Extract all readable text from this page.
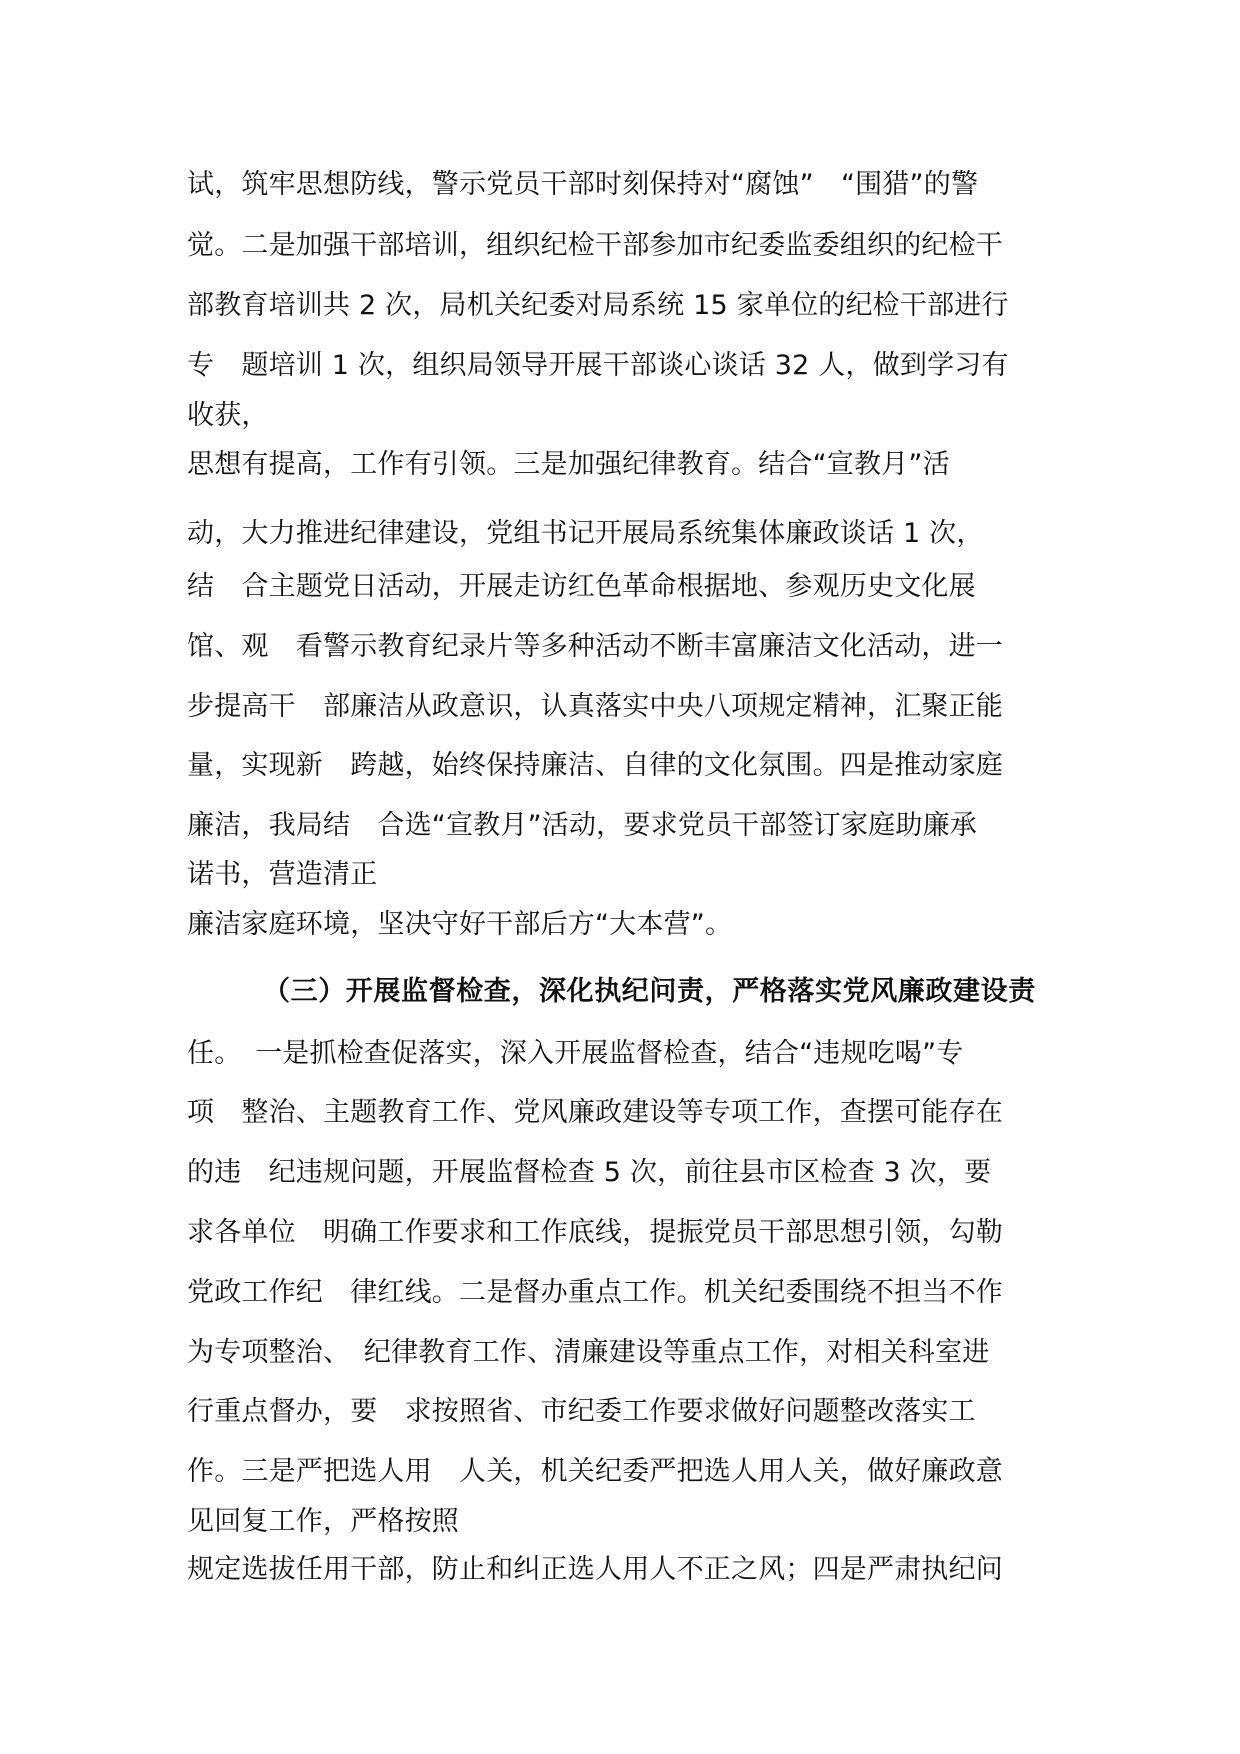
试，筑牢思想防线，警示党员干部时刻保持对“腐蚀”　“围猎”的警
觉。二是加强干部培训，组织纪检干部参加市纪委监委组织的纪检干
部教育培训共 2 次，局机关纪委对局系统 15 家单位的纪检干部进行
专　题培训 1 次，组织局领导开展干部谈心谈话 32 人，做到学习有
收获，
思想有提高，工作有引领。三是加强纪律教育。结合“宣教月”活
动，大力推进纪律建设，党组书记开展局系统集体廉政谈话 1 次，
结　合主题党日活动，开展走访红色革命根据地、参观历史文化展
馆、观　看警示教育纪录片等多种活动不断丰富廉洁文化活动，进一
步提高干　部廉洁从政意识，认真落实中央八项规定精神，汇聚正能
量，实现新　跨越，始终保持廉洁、自律的文化氛围。四是推动家庭
廉洁，我局结　合选“宣教月”活动，要求党员干部签订家庭助廉承
诺书，营造清正
廉洁家庭环境，坚决守好干部后方“大本营”。
（三）开展监督检查，深化执纪问责，严格落实党风廉政建设责
任。　一是抓检查促落实，深入开展监督检查，结合“违规吃喝”专
项　整治、主题教育工作、党风廉政建设等专项工作，查摆可能存在
的违　纪违规问题，开展监督检查 5 次，前往县市区检查 3 次，要
求各单位　明确工作要求和工作底线，提振党员干部思想引领，勾勒
党政工作纪　律红线。二是督办重点工作。机关纪委围绕不担当不作
为专项整治、　纪律教育工作、清廉建设等重点工作，对相关科室进
行重点督办，要　求按照省、市纪委工作要求做好问题整改落实工
作。三是严把选人用　人关，机关纪委严把选人用人关，做好廉政意
见回复工作，严格按照
规定选拔任用干部，防止和纠正选人用人不正之风；四是严肃执纪问
